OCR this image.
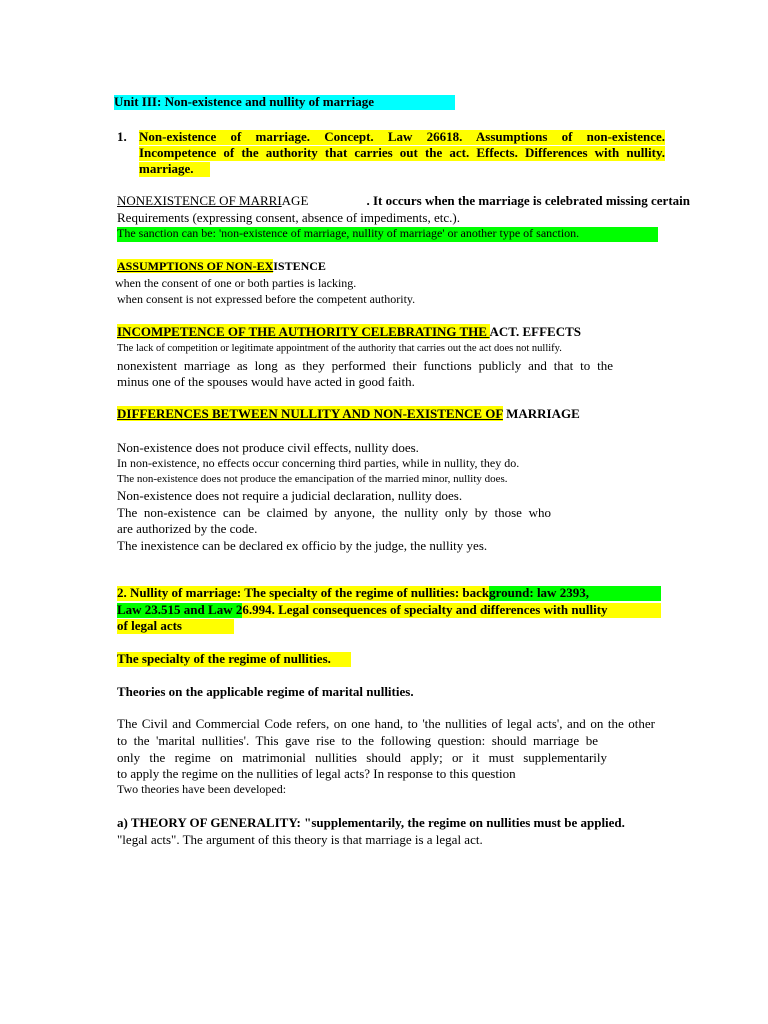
Unit III: Non-existence and nullity of marriage
1. Non-existence of marriage. Concept. Law 26618. Assumptions of non-existence.
Incompetence of the authority that carries out the act. Effects. Differences with nullity.
marriage.
NONEXISTENCE OF MARRIAGE	. It occurs when the marriage is celebrated missing certain
Requirements (expressing consent, absence of impediments, etc.).
The sanction can be: 'non-existence of marriage, nullity of marriage' or another type of sanction.
ASSUMPTIONS OF NON-EXISTENCE
when the consent of one or both parties is lacking.
when consent is not expressed before the competent authority.
INCOMPETENCE OF THE AUTHORITY CELEBRATING THE ACT. EFFECTS
The lack of competition or legitimate appointment of the authority that carries out the act does not nullify.
nonexistent marriage as long as they performed their functions publicly and that to the
minus one of the spouses would have acted in good faith.
DIFFERENCES BETWEEN NULLITY AND NON-EXISTENCE OF MARRIAGE
Non-existence does not produce civil effects, nullity does.
In non-existence, no effects occur concerning third parties, while in nullity, they do.
The non-existence does not produce the emancipation of the married minor, nullity does.
Non-existence does not require a judicial declaration, nullity does.
The non-existence can be claimed by anyone, the nullity only by those who
are authorized by the code.
The inexistence can be declared ex officio by the judge, the nullity yes.
2. Nullity of marriage: The specialty of the regime of nullities: back ground: law 2393,
Law 23.515 and Law 2 6.994. Legal consequences of specialty and differences with nullity
of legal acts
The specialty of the regime of nullities.
Theories on the applicable regime of marital nullities.
The Civil and Commercial Code refers, on one hand, to 'the nullities of legal acts', and on the other
to the 'marital nullities'. This gave rise to the following question: should marriage be
only the regime on matrimonial nullities should apply; or it must supplementarily
to apply the regime on the nullities of legal acts? In response to this question
Two theories have been developed:
a) THEORY OF GENERALITY: "supplementarily, the regime on nullities must be applied.
"legal acts". The argument of this theory is that marriage is a legal act.
